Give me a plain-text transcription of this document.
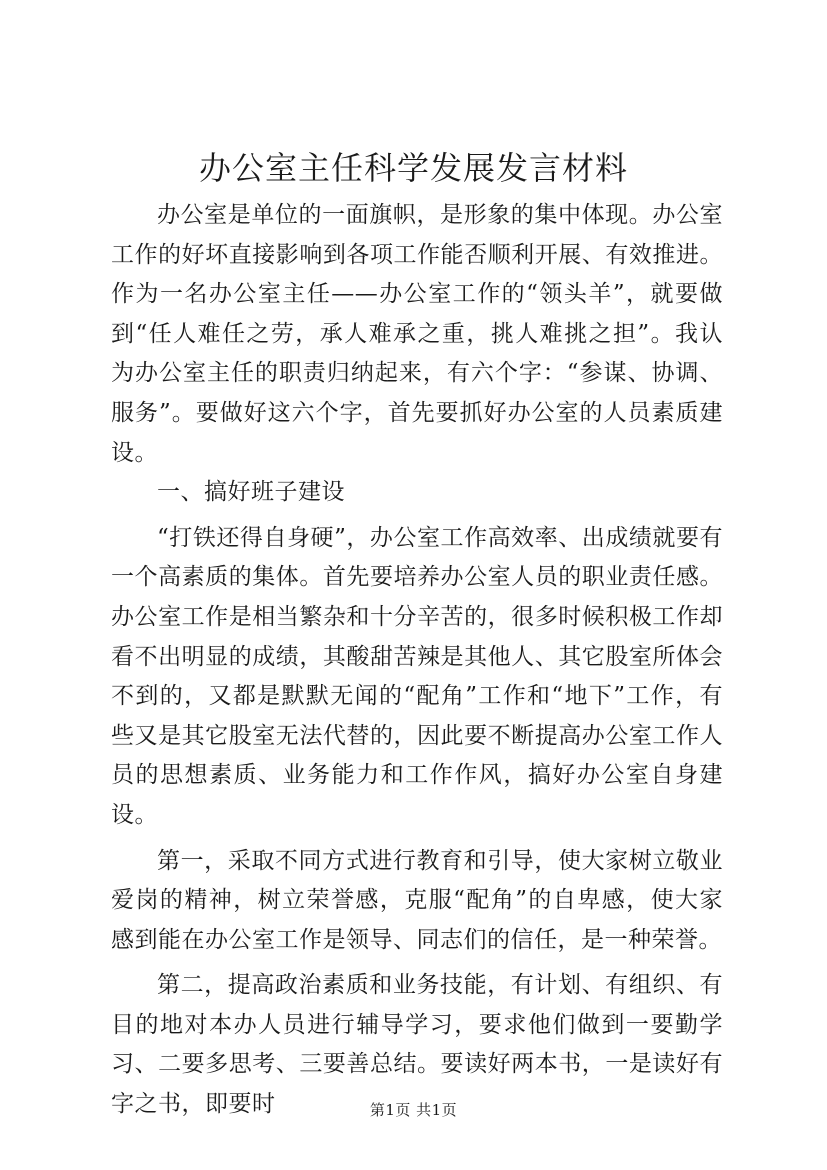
办公室主任科学发展发言材料

办公室是单位的一面旗帜，是形象的集中体现。办公室工作的好坏直接影响到各项工作能否顺利开展、有效推进。作为一名办公室主任——办公室工作的“领头羊”，就要做到“任人难任之劳，承人难承之重，挑人难挑之担”。我认为办公室主任的职责归纳起来，有六个字：“参谋、协调、服务”。要做好这六个字，首先要抓好办公室的人员素质建设。

一、搞好班子建设

“打铁还得自身硬”，办公室工作高效率、出成绩就要有一个高素质的集体。首先要培养办公室人员的职业责任感。办公室工作是相当繁杂和十分辛苦的，很多时候积极工作却看不出明显的成绩，其酸甜苦辣是其他人、其它股室所体会不到的，又都是默默无闻的“配角”工作和“地下”工作，有些又是其它股室无法代替的，因此要不断提高办公室工作人员的思想素质、业务能力和工作作风，搞好办公室自身建设。

第一，采取不同方式进行教育和引导，使大家树立敬业爱岗的精神，树立荣誉感，克服“配角”的自卑感，使大家感到能在办公室工作是领导、同志们的信任，是一种荣誉。

第二，提高政治素质和业务技能，有计划、有组织、有目的地对本办人员进行辅导学习，要求他们做到一要勤学习、二要多思考、三要善总结。要读好两本书，一是读好有字之书，即要时	第1页 共1页
